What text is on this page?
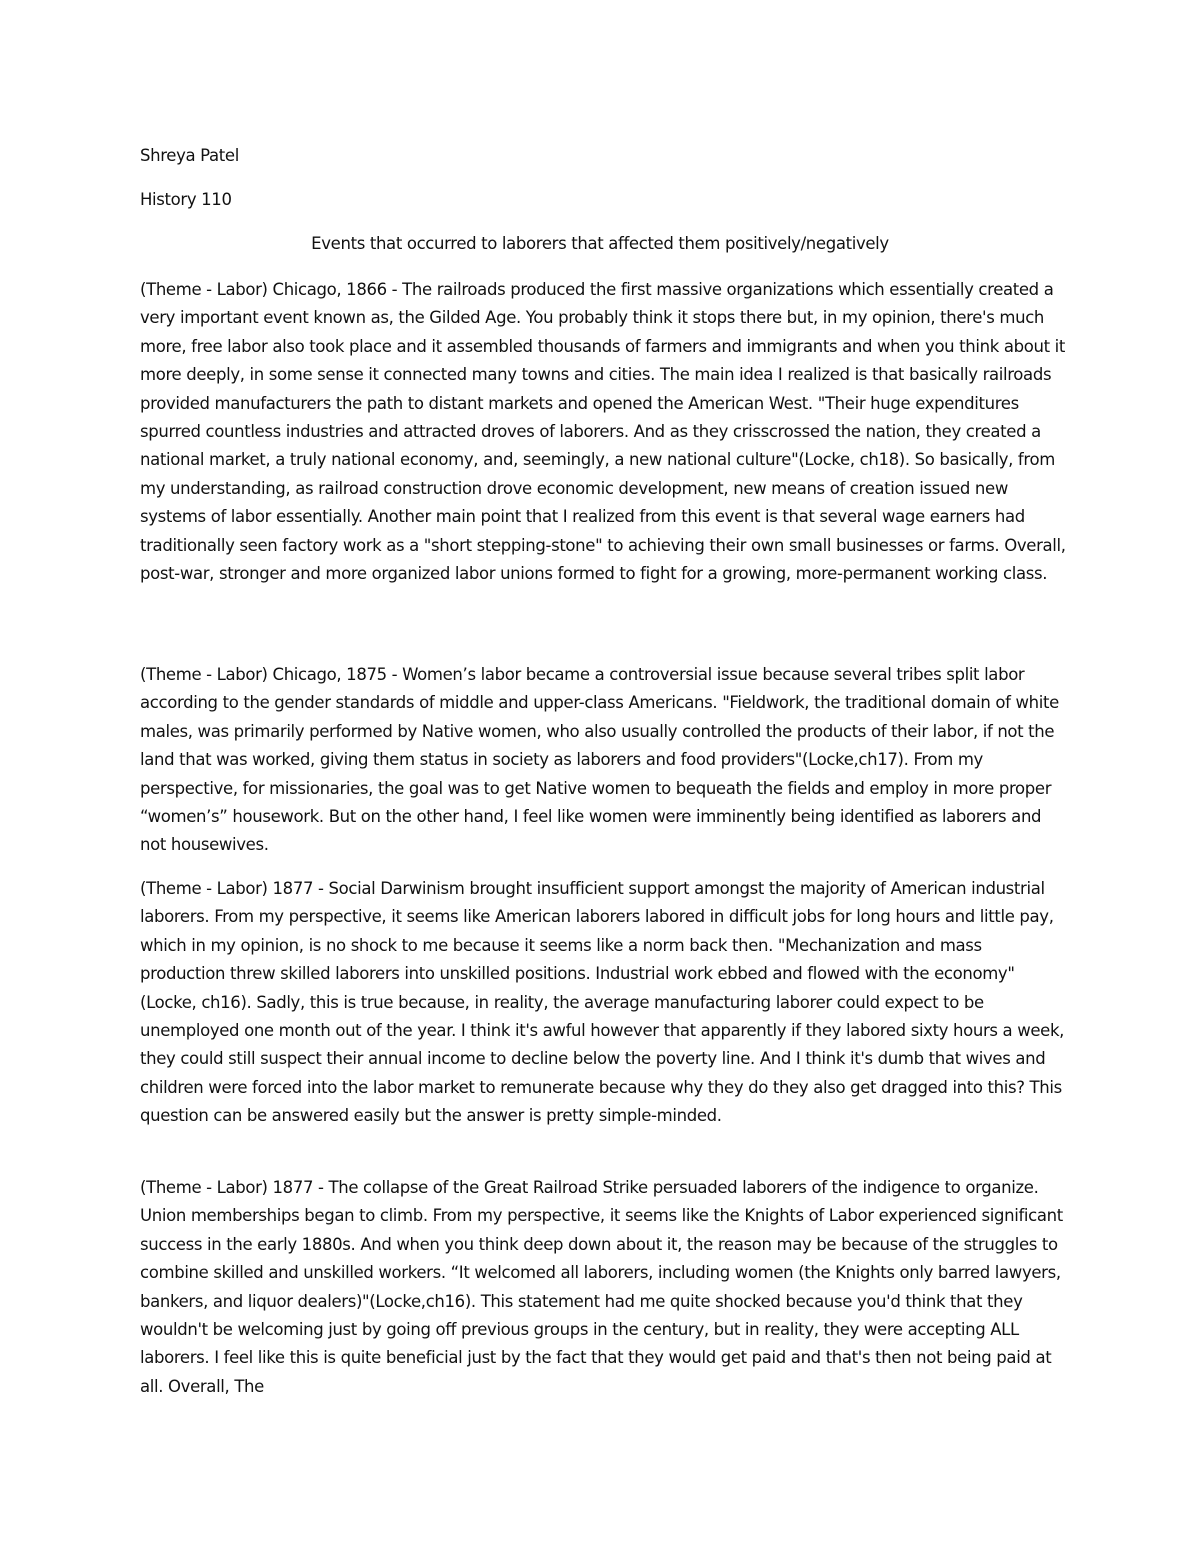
Shreya Patel
History 110
Events that occurred to laborers that affected them positively/negatively

(Theme - Labor) Chicago, 1866 - The railroads produced the first massive organizations which essentially created a very important event known as, the Gilded Age. You probably think it stops there but, in my opinion, there's much more, free labor also took place and it assembled thousands of farmers and immigrants and when you think about it more deeply, in some sense it connected many towns and cities. The main idea I realized is that basically railroads provided manufacturers the path to distant markets and opened the American West. "Their huge expenditures spurred countless industries and attracted droves of laborers. And as they crisscrossed the nation, they created a national market, a truly national economy, and, seemingly, a new national culture"(Locke, ch18). So basically, from my understanding, as railroad construction drove economic development, new means of creation issued new systems of labor essentially. Another main point that I realized from this event is that several wage earners had traditionally seen factory work as a "short stepping-stone" to achieving their own small businesses or farms. Overall, post-war, stronger and more organized labor unions formed to fight for a growing, more-permanent working class.

(Theme - Labor) Chicago, 1875 - Women’s labor became a controversial issue because several tribes split labor according to the gender standards of middle and upper-class Americans. "Fieldwork, the traditional domain of white males, was primarily performed by Native women, who also usually controlled the products of their labor, if not the land that was worked, giving them status in society as laborers and food providers"(Locke,ch17). From my perspective, for missionaries, the goal was to get Native women to bequeath the fields and employ in more proper “women’s” housework. But on the other hand, I feel like women were imminently being identified as laborers and not housewives.

(Theme - Labor) 1877 - Social Darwinism brought insufficient support amongst the majority of American industrial laborers. From my perspective, it seems like American laborers labored in difficult jobs for long hours and little pay, which in my opinion, is no shock to me because it seems like a norm back then. "Mechanization and mass production threw skilled laborers into unskilled positions. Industrial work ebbed and flowed with the economy"(Locke, ch16). Sadly, this is true because, in reality, the average manufacturing laborer could expect to be unemployed one month out of the year. I think it's awful however that apparently if they labored sixty hours a week, they could still suspect their annual income to decline below the poverty line. And I think it's dumb that wives and children were forced into the labor market to remunerate because why they do they also get dragged into this? This question can be answered easily but the answer is pretty simple-minded.

(Theme - Labor) 1877 - The collapse of the Great Railroad Strike persuaded laborers of the indigence to organize. Union memberships began to climb. From my perspective, it seems like the Knights of Labor experienced significant success in the early 1880s. And when you think deep down about it, the reason may be because of the struggles to combine skilled and unskilled workers. “It welcomed all laborers, including women (the Knights only barred lawyers, bankers, and liquor dealers)"(Locke,ch16). This statement had me quite shocked because you'd think that they wouldn't be welcoming just by going off previous groups in the century, but in reality, they were accepting ALL laborers. I feel like this is quite beneficial just by the fact that they would get paid and that's then not being paid at all. Overall, The
